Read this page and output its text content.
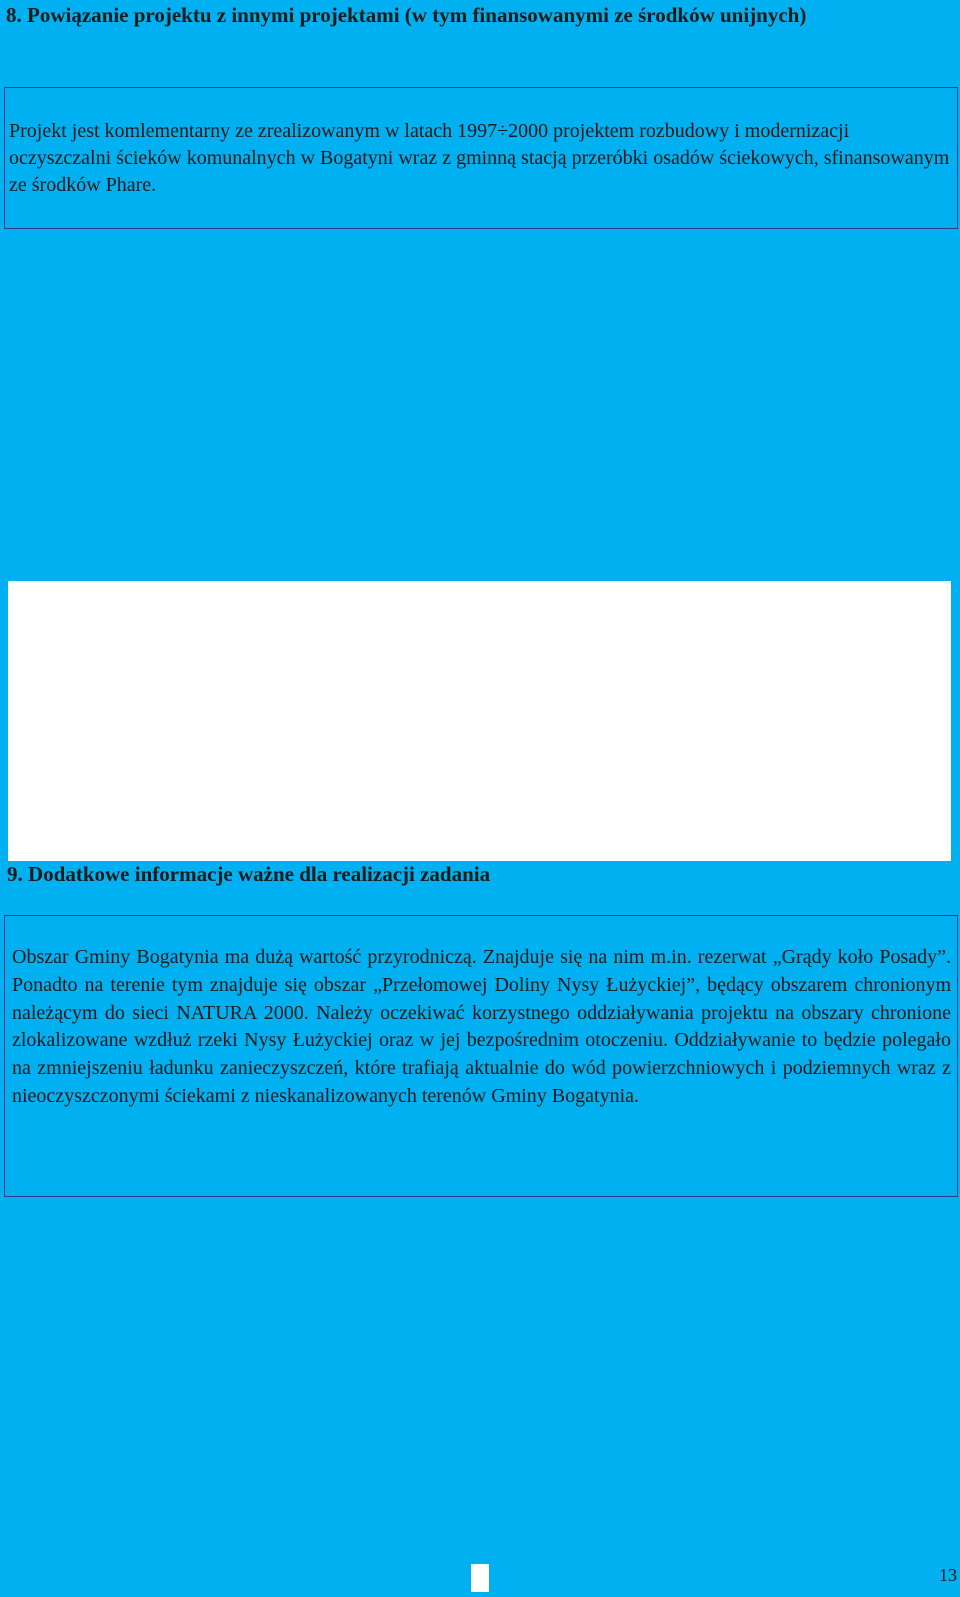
8. Powiązanie projektu z innymi projektami (w tym finansowanymi ze środków unijnych)

Projekt jest komlementarny ze zrealizowanym w latach 1997÷2000 projektem rozbudowy i modernizacji oczyszczalni ścieków komunalnych w Bogatyni wraz z gminną stacją przeróbki osadów ściekowych, sfinansowanym ze środków Phare.

9. Dodatkowe informacje ważne dla realizacji zadania

Obszar Gminy Bogatynia ma dużą wartość przyrodniczą. Znajduje się na nim m.in. rezerwat „Grądy koło Posady”. Ponadto na terenie tym znajduje się obszar „Przełomowej Doliny Nysy Łużyckiej”, będący obszarem chronionym należącym do sieci NATURA 2000. Należy oczekiwać korzystnego oddziaływania projektu na obszary chronione zlokalizowane wzdłuż rzeki Nysy Łużyckiej oraz w jej bezpośrednim otoczeniu. Oddziaływanie to będzie polegało na zmniejszeniu ładunku zanieczyszczeń, które trafiają aktualnie do wód powierzchniowych i podziemnych wraz z nieoczyszczonymi ściekami z nieskanalizowanych terenów Gminy Bogatynia.

13
